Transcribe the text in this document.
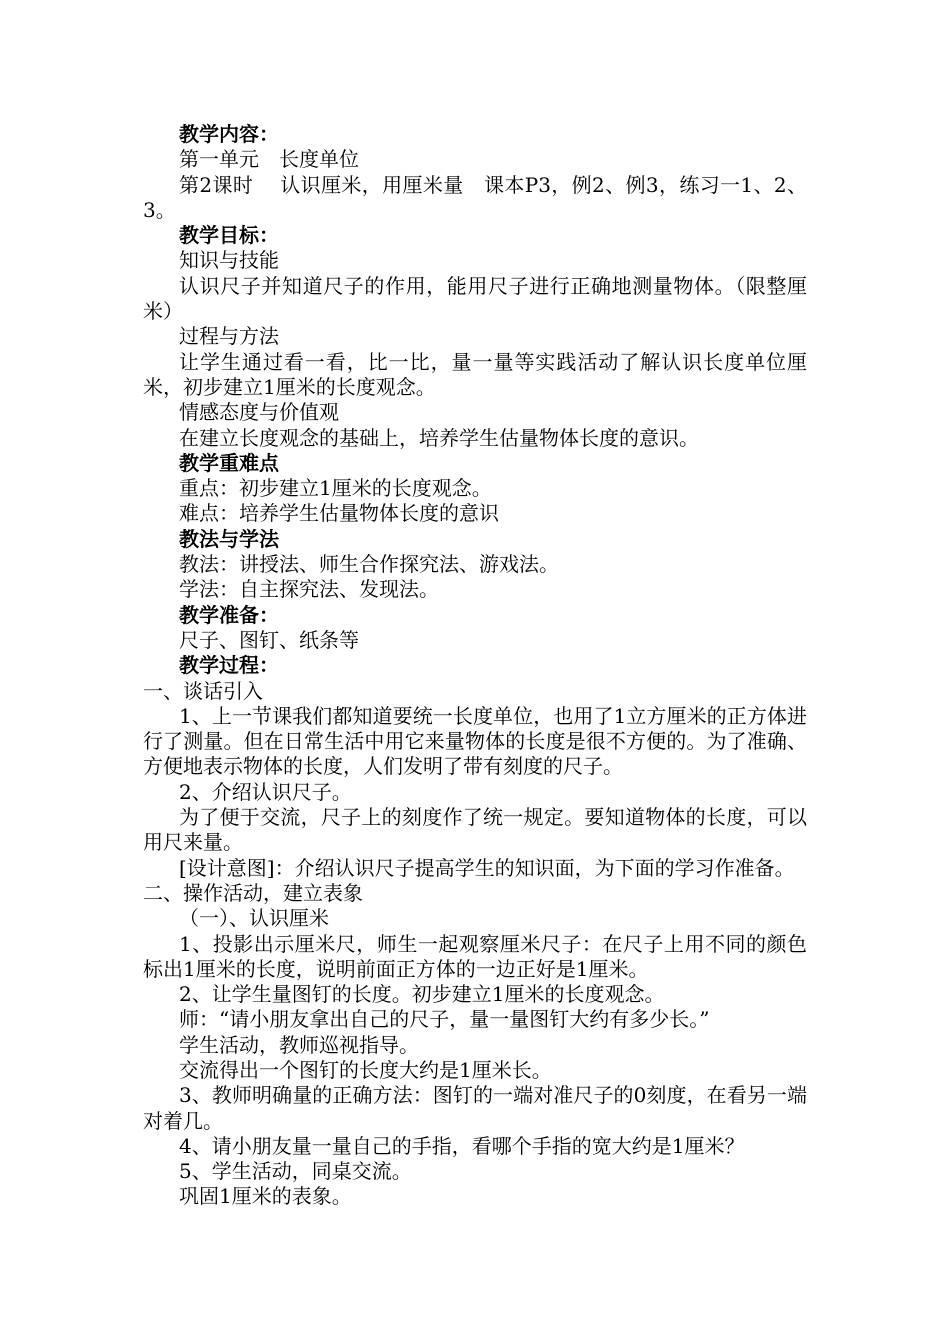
教学内容：

第一单元　长度单位

第2课时　 认识厘米，用厘米量　课本P3，例2、例3，练习一1、2、3。

教学目标：

知识与技能

认识尺子并知道尺子的作用，能用尺子进行正确地测量物体。（限整厘米）

过程与方法

让学生通过看一看，比一比，量一量等实践活动了解认识长度单位厘米，初步建立1厘米的长度观念。

情感态度与价值观

在建立长度观念的基础上，培养学生估量物体长度的意识。

教学重难点

重点：初步建立1厘米的长度观念。

难点：培养学生估量物体长度的意识

教法与学法

教法：讲授法、师生合作探究法、游戏法。

学法：自主探究法、发现法。

教学准备：

尺子、图钉、纸条等

教学过程：

一、谈话引入

1、上一节课我们都知道要统一长度单位，也用了1立方厘米的正方体进行了测量。但在日常生活中用它来量物体的长度是很不方便的。为了准确、方便地表示物体的长度，人们发明了带有刻度的尺子。

2、介绍认识尺子。

为了便于交流，尺子上的刻度作了统一规定。要知道物体的长度，可以用尺来量。

[设计意图]：介绍认识尺子提高学生的知识面，为下面的学习作准备。

二、操作活动，建立表象

（一）、认识厘米

1、投影出示厘米尺，师生一起观察厘米尺子：在尺子上用不同的颜色标出1厘米的长度，说明前面正方体的一边正好是1厘米。

2、让学生量图钉的长度。初步建立1厘米的长度观念。

师：“请小朋友拿出自己的尺子，量一量图钉大约有多少长。”

学生活动，教师巡视指导。

交流得出一个图钉的长度大约是1厘米长。

3、教师明确量的正确方法：图钉的一端对准尺子的0刻度，在看另一端对着几。

4、请小朋友量一量自己的手指，看哪个手指的宽大约是1厘米？

5、学生活动，同桌交流。

巩固1厘米的表象。
